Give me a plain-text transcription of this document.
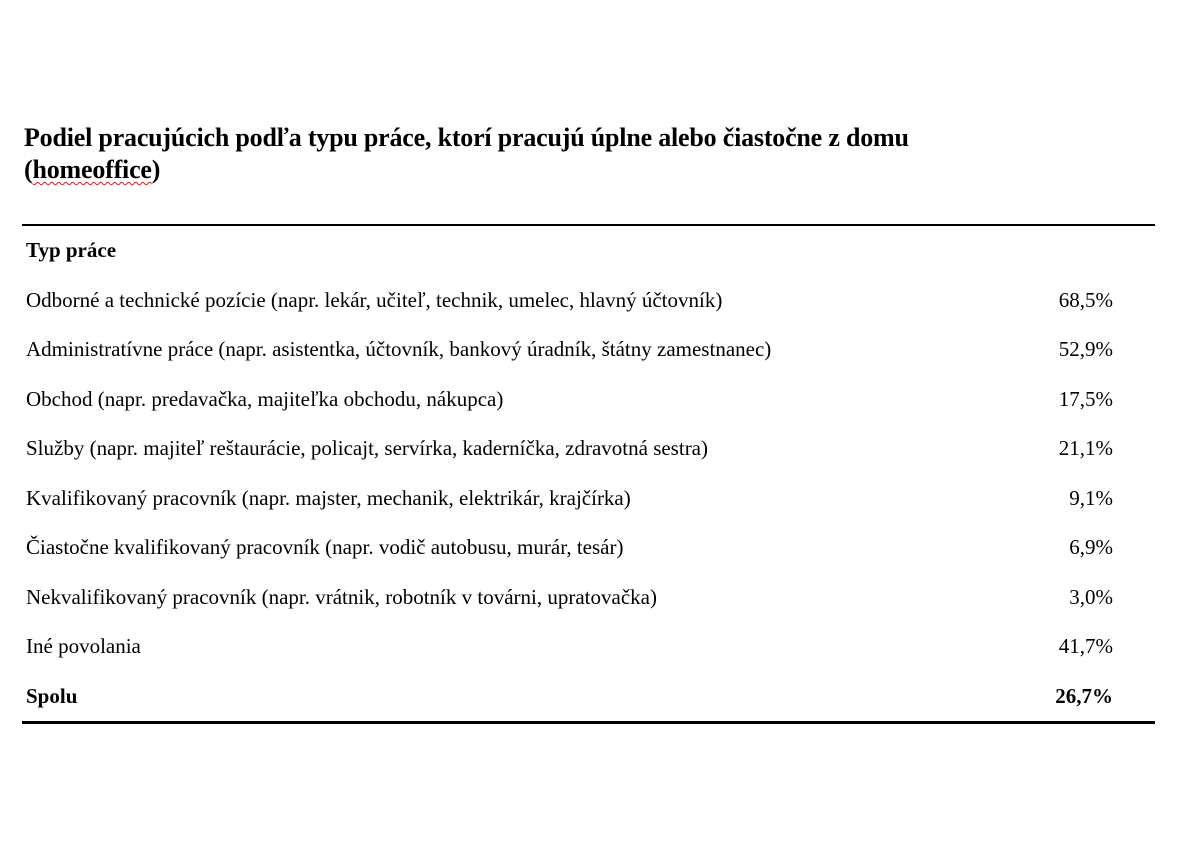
Podiel pracujúcich podľa typu práce, ktorí pracujú úplne alebo čiastočne z domu
(homeoffice)
Typ práce
Odborné a technické pozície (napr. lekár, učiteľ, technik, umelec, hlavný účtovník)	68,5%
Administratívne práce (napr. asistentka, účtovník, bankový úradník, štátny zamestnanec)	52,9%
Obchod (napr. predavačka, majiteľka obchodu, nákupca)	17,5%
Služby (napr. majiteľ reštaurácie, policajt, servírka, kaderníčka, zdravotná sestra)	21,1%
Kvalifikovaný pracovník (napr. majster, mechanik, elektrikár, krajčírka)	9,1%
Čiastočne kvalifikovaný pracovník (napr. vodič autobusu, murár, tesár)	6,9%
Nekvalifikovaný pracovník (napr. vrátnik, robotník v továrni, upratovačka)	3,0%
Iné povolania	41,7%
Spolu	26,7%
